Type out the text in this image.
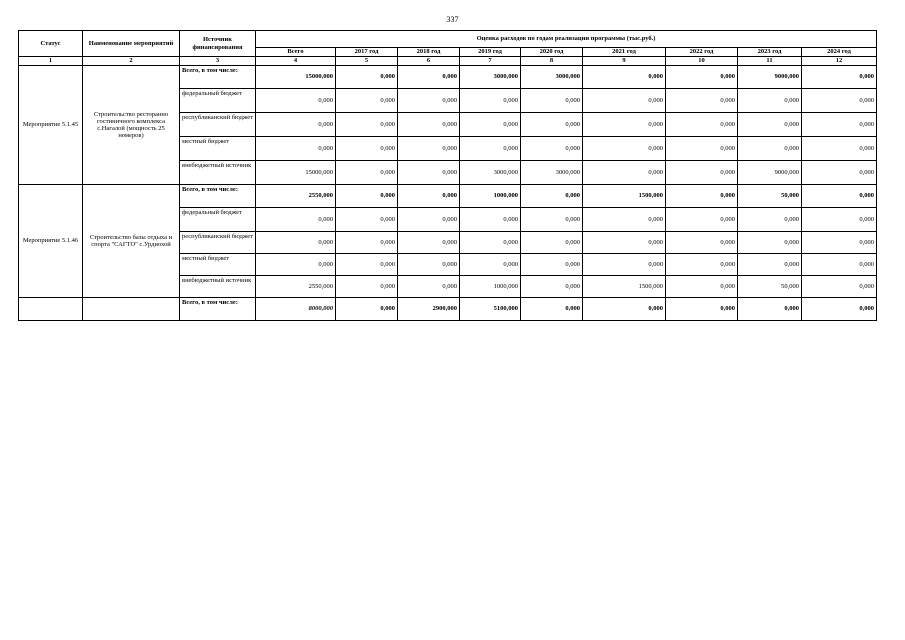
337
Статус	Наименование мероприятий	Источник финансирования	Оценка расходов по годам реализации программы (тыс.руб.)								
			Всего	2017 год	2018 год	2019 год	2020 год	2021 год	2022 год	2023 год	2024 год
1	2	3	4	5	6	7	8	9	10	11	12
Мероприятие 5.1.45	Строительство ресторанно гостиничного комплекса с.Нагалой (мощность 25 номеров)	Всего, в том числе:	15000,000	0,000	0,000	3000,000	3000,000	0,000	0,000	9000,000	0,000
		федеральный бюджет	0,000	0,000	0,000	0,000	0,000	0,000	0,000	0,000	0,000
		республиканский бюджет	0,000	0,000	0,000	0,000	0,000	0,000	0,000	0,000	0,000
		местный бюджет	0,000	0,000	0,000	0,000	0,000	0,000	0,000	0,000	0,000
		внебюджетный источник	15000,000	0,000	0,000	3000,000	3000,000	0,000	0,000	9000,000	0,000
Мероприятие 5.1.46	Строительство базы отдыха и спорта "САГТО" с.Урдиохой	Всего, в том числе:	2550,000	0,000	0,000	1000,000	0,000	1500,000	0,000	50,000	0,000
		федеральный бюджет	0,000	0,000	0,000	0,000	0,000	0,000	0,000	0,000	0,000
		республиканский бюджет	0,000	0,000	0,000	0,000	0,000	0,000	0,000	0,000	0,000
		местный бюджет	0,000	0,000	0,000	0,000	0,000	0,000	0,000	0,000	0,000
		внебюджетный источник	2550,000	0,000	0,000	1000,000	0,000	1500,000	0,000	50,000	0,000
		Всего, в том числе:	8000,000	0,000	2900,000	5100,000	0,000	0,000	0,000	0,000	0,000
